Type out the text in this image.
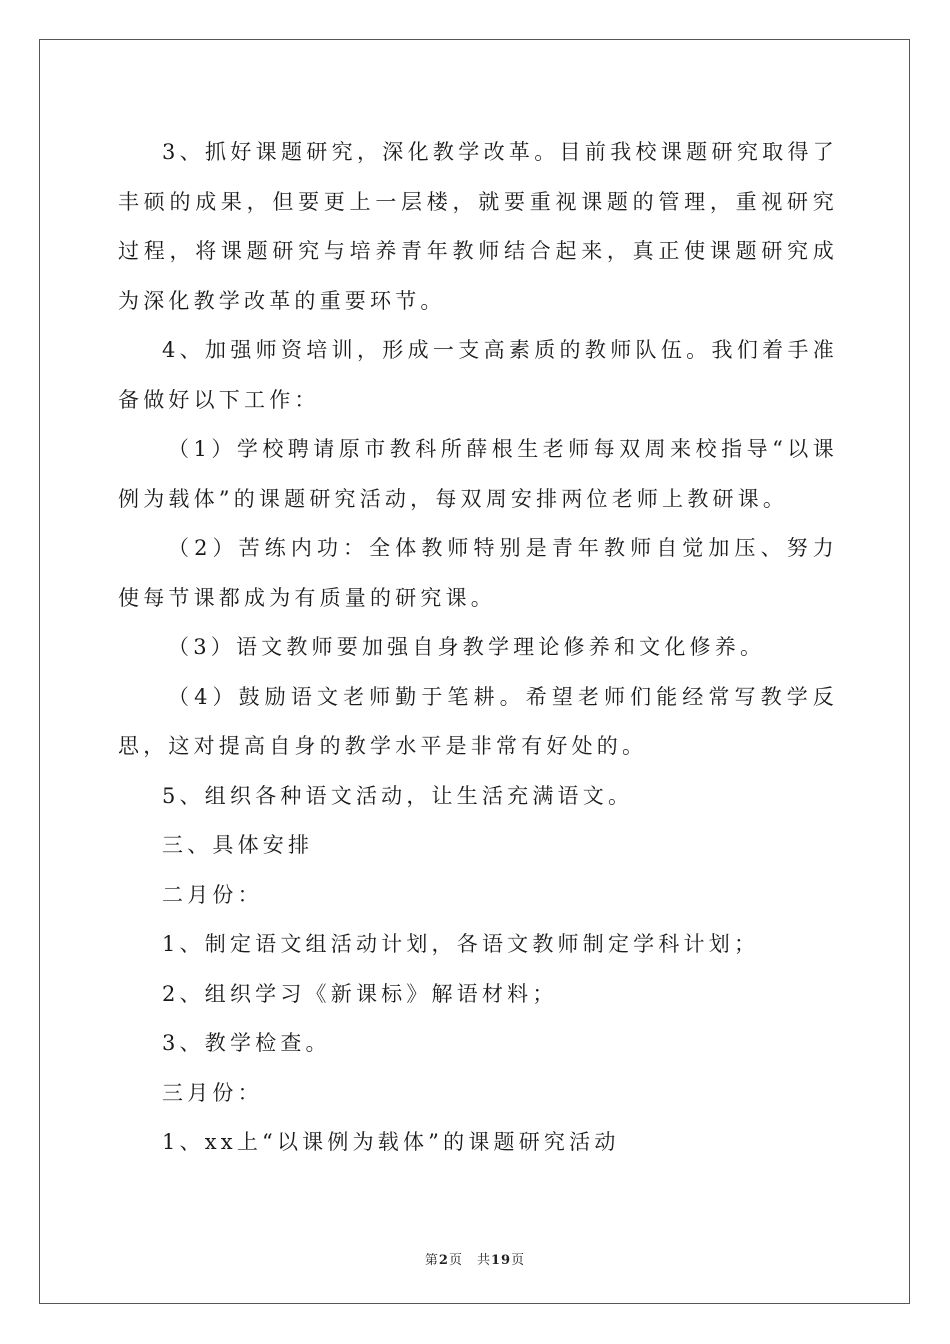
3、抓好课题研究，深化教学改革。目前我校课题研究取得了丰硕的成果，但要更上一层楼，就要重视课题的管理，重视研究过程，将课题研究与培养青年教师结合起来，真正使课题研究成为深化教学改革的重要环节。

4、加强师资培训，形成一支高素质的教师队伍。我们着手准备做好以下工作：

（1）学校聘请原市教科所薛根生老师每双周来校指导“以课例为载体”的课题研究活动，每双周安排两位老师上教研课。

（2）苦练内功：全体教师特别是青年教师自觉加压、努力使每节课都成为有质量的研究课。

（3）语文教师要加强自身教学理论修养和文化修养。

（4）鼓励语文老师勤于笔耕。希望老师们能经常写教学反思，这对提高自身的教学水平是非常有好处的。

5、组织各种语文活动，让生活充满语文。

三、具体安排

二月份：

1、制定语文组活动计划，各语文教师制定学科计划；

2、组织学习《新课标》解语材料；

3、教学检查。

三月份：

1、xx上“以课例为载体”的课题研究活动

第2页 共19页
